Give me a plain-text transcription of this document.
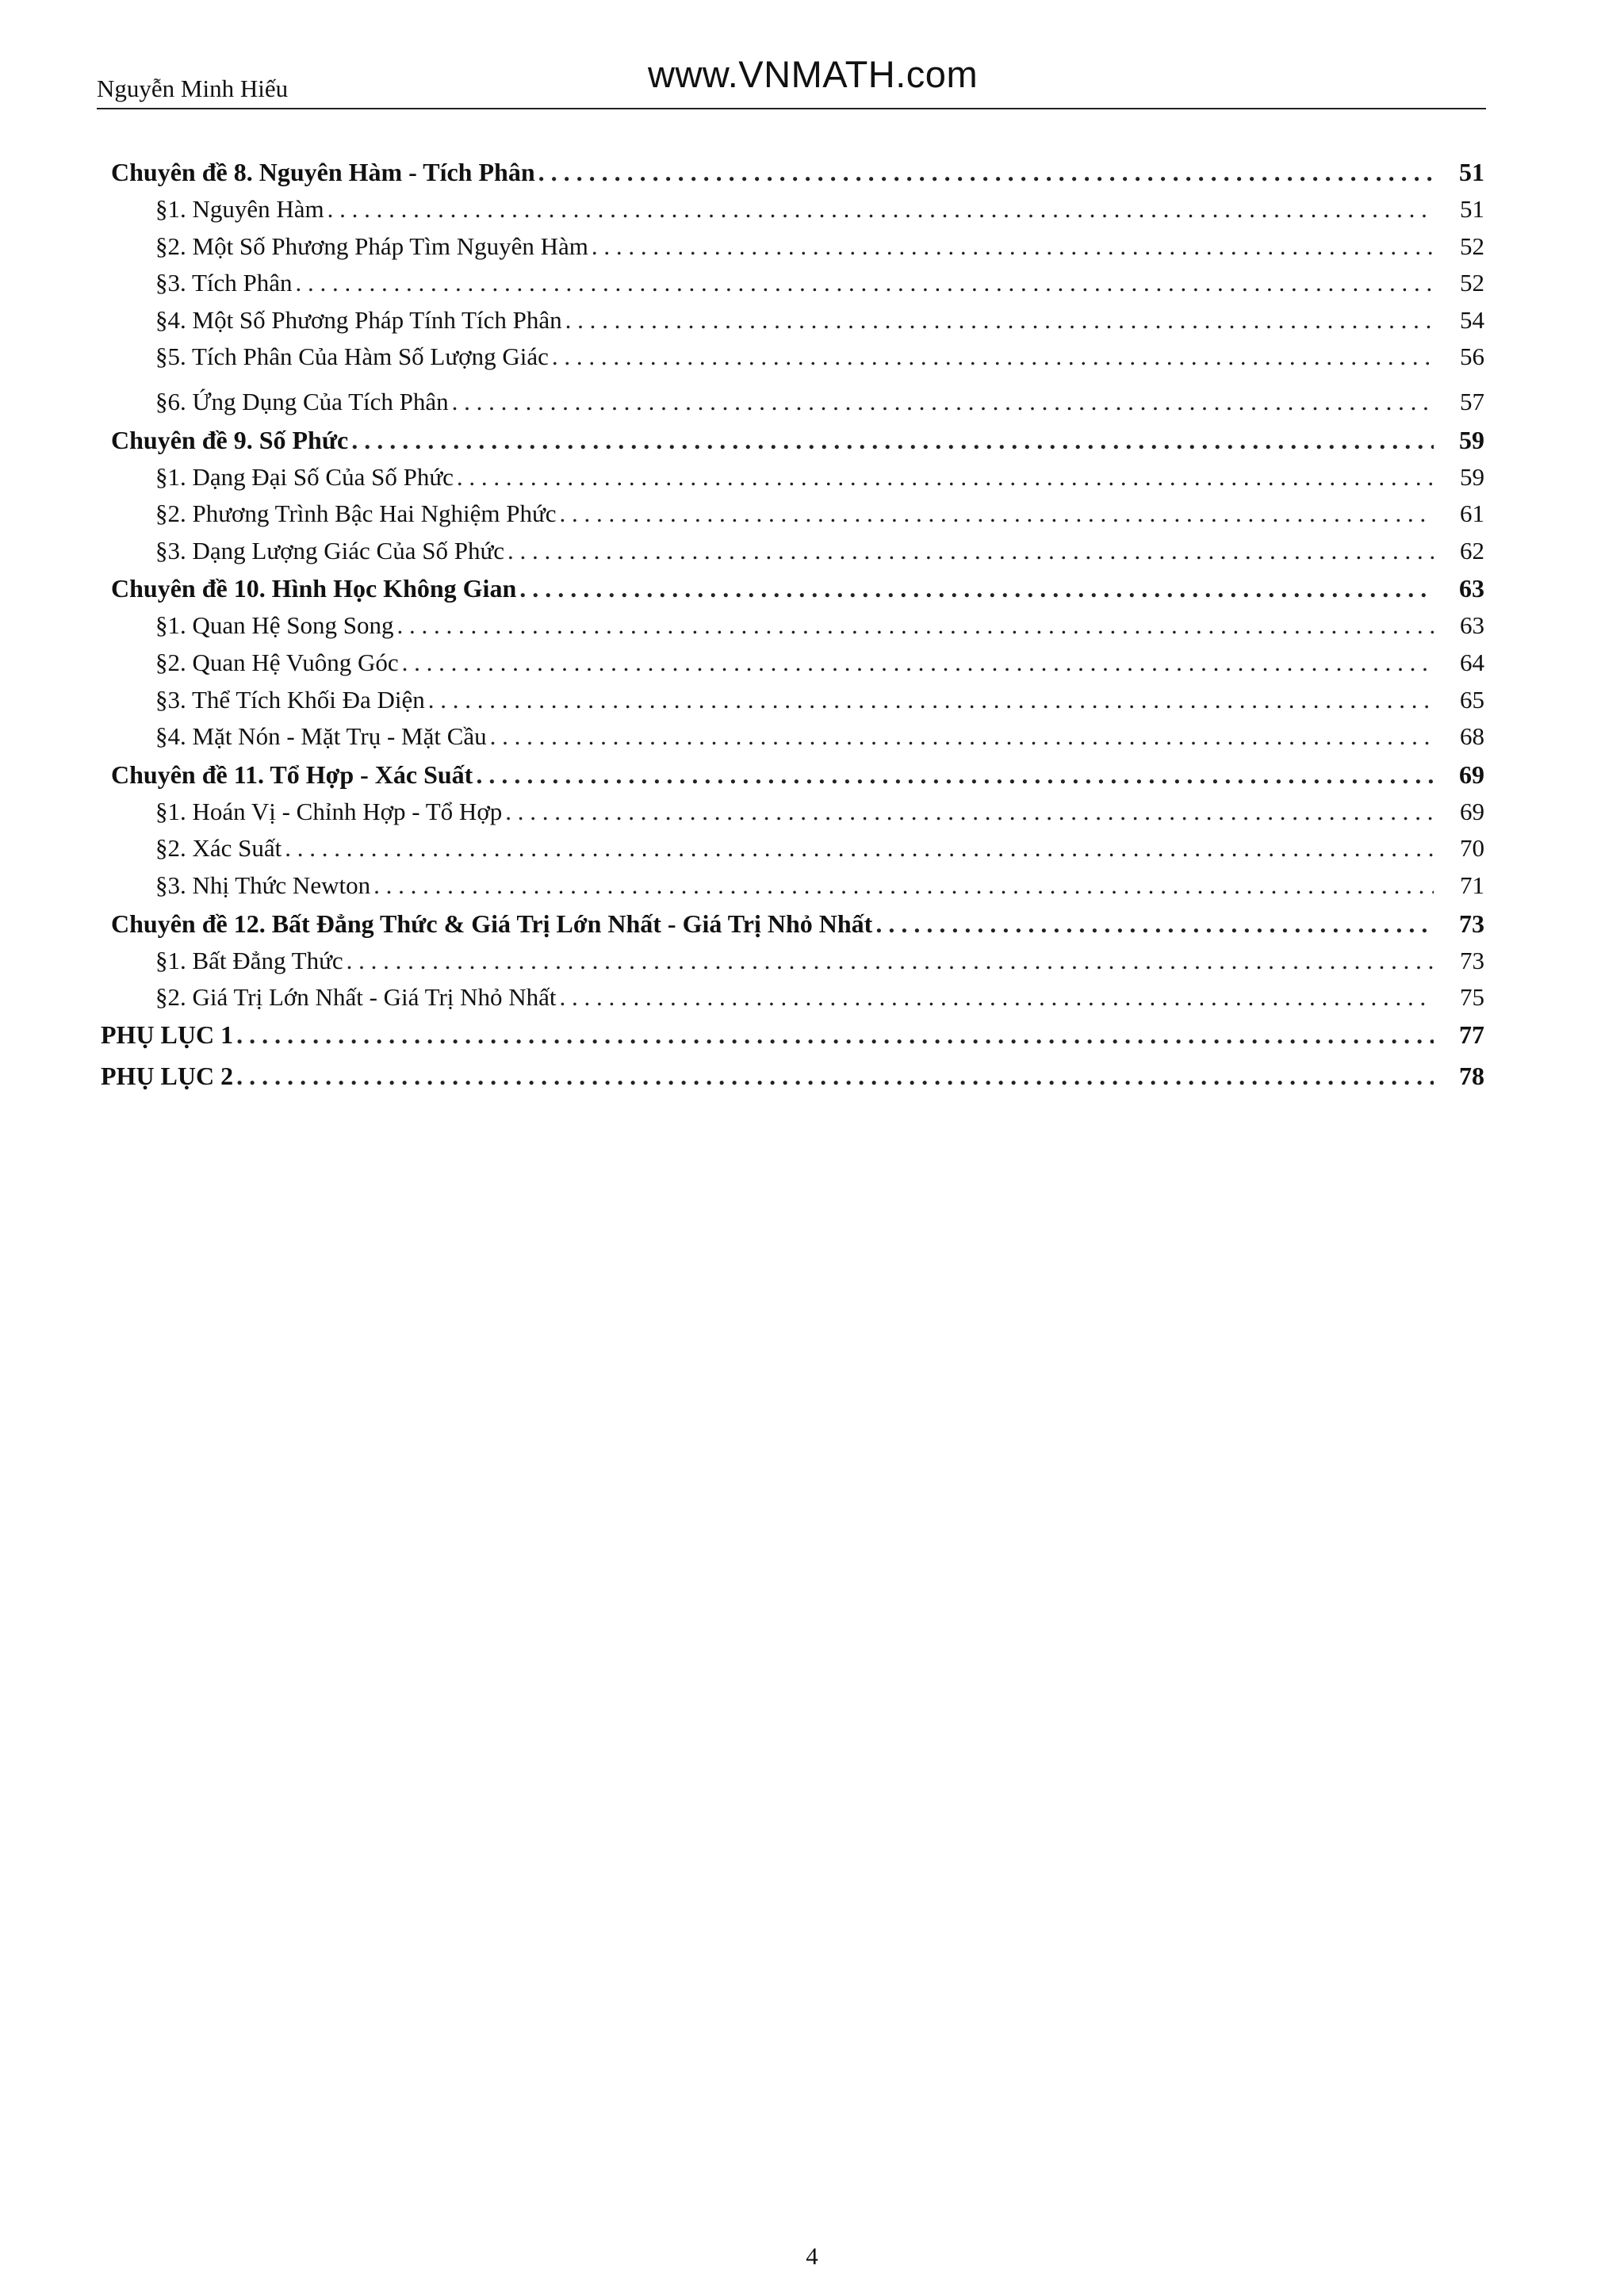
Nguyễn Minh Hiếu	www.VNMATH.com
Chuyên đề 8. Nguyên Hàm - Tích Phân . . .	51
§1. Nguyên Hàm . . .	51
§2. Một Số Phương Pháp Tìm Nguyên Hàm . . .	52
§3. Tích Phân . . .	52
§4. Một Số Phương Pháp Tính Tích Phân . . .	54
§5. Tích Phân Của Hàm Số Lượng Giác . . .	56
§6. Ứng Dụng Của Tích Phân . . .	57
Chuyên đề 9. Số Phức . . .	59
§1. Dạng Đại Số Của Số Phức . . .	59
§2. Phương Trình Bậc Hai Nghiệm Phức . . .	61
§3. Dạng Lượng Giác Của Số Phức . . .	62
Chuyên đề 10. Hình Học Không Gian . . .	63
§1. Quan Hệ Song Song . . .	63
§2. Quan Hệ Vuông Góc . . .	64
§3. Thể Tích Khối Đa Diện . . .	65
§4. Mặt Nón - Mặt Trụ - Mặt Cầu . . .	68
Chuyên đề 11. Tổ Hợp - Xác Suất . . .	69
§1. Hoán Vị - Chỉnh Hợp - Tổ Hợp . . .	69
§2. Xác Suất . . .	70
§3. Nhị Thức Newton . . .	71
Chuyên đề 12. Bất Đẳng Thức & Giá Trị Lớn Nhất - Giá Trị Nhỏ Nhất . . .	73
§1. Bất Đẳng Thức . . .	73
§2. Giá Trị Lớn Nhất - Giá Trị Nhỏ Nhất . . .	75
PHỤ LỤC 1 . . .	77
PHỤ LỤC 2 . . .	78
4
